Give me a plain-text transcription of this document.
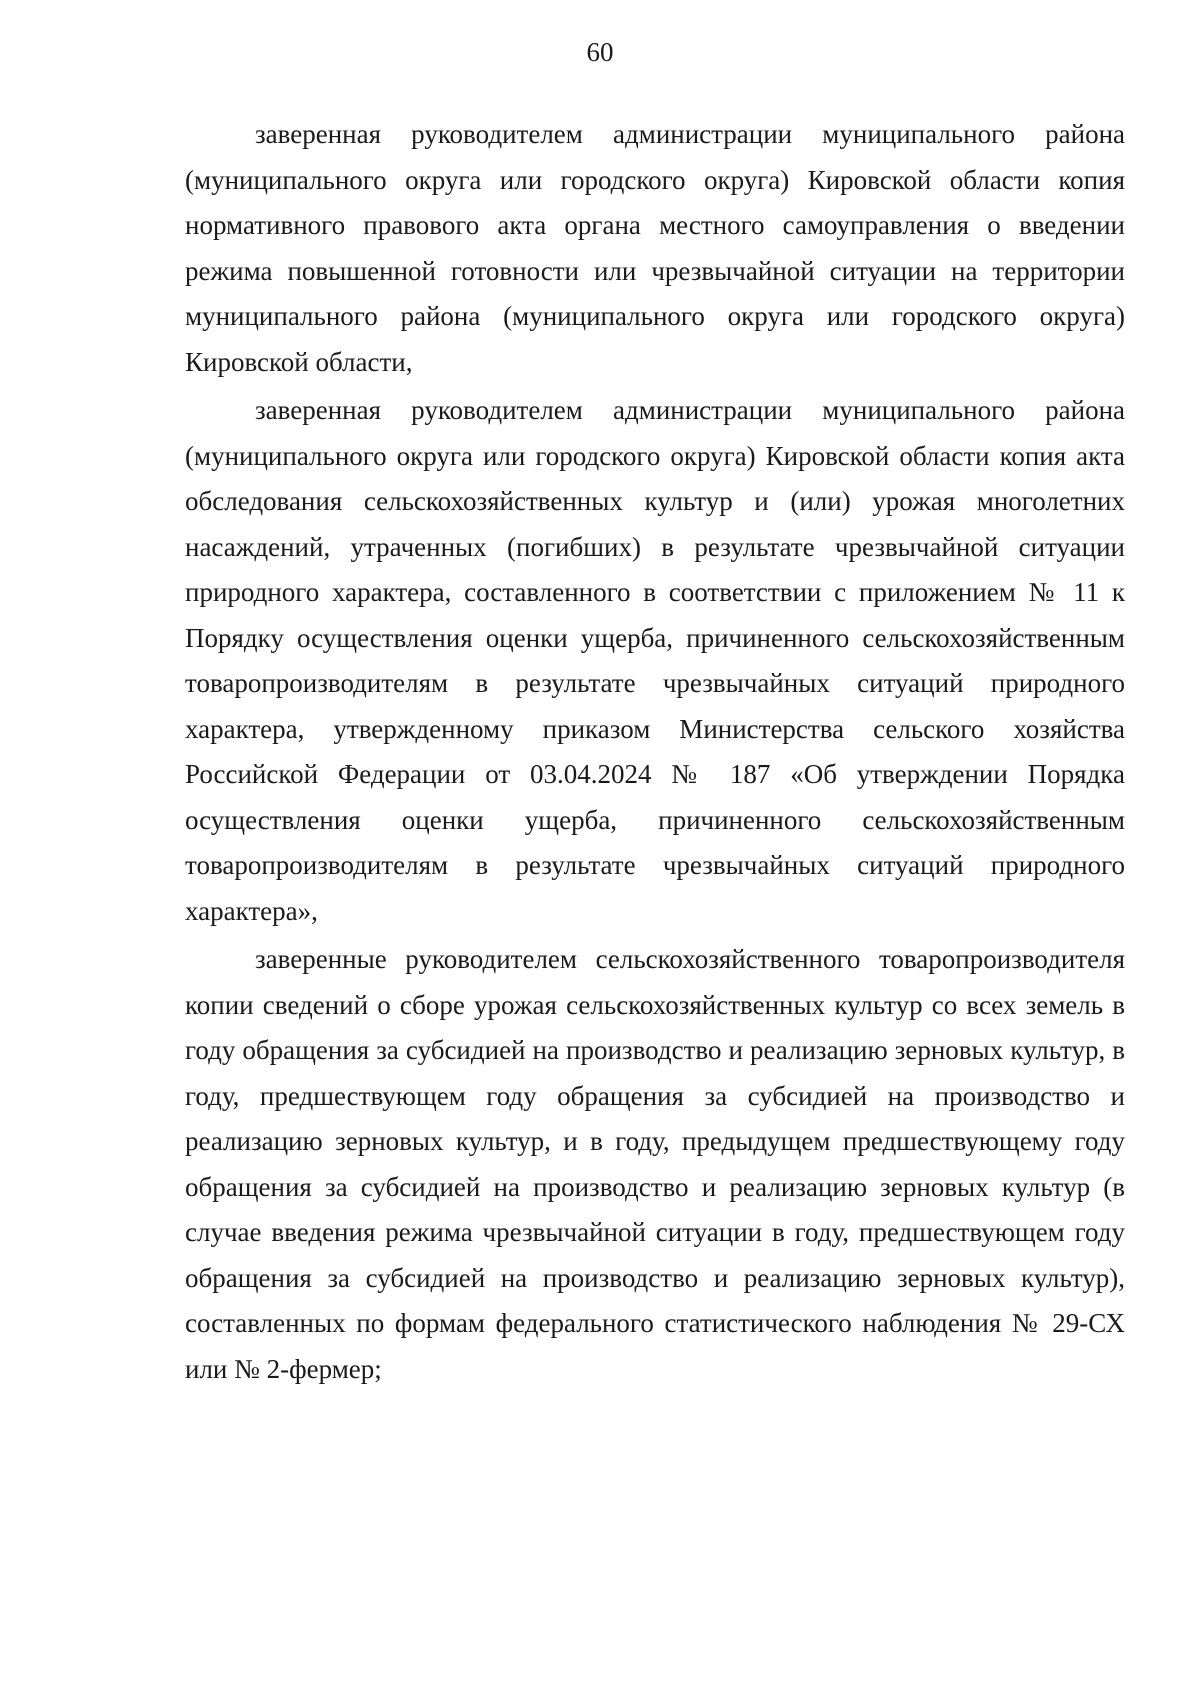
60

заверенная руководителем администрации муниципального района (муниципального округа или городского округа) Кировской области копия нормативного правового акта органа местного самоуправления о введении режима повышенной готовности или чрезвычайной ситуации на территории муниципального района (муниципального округа или городского округа) Кировской области,

заверенная руководителем администрации муниципального района (муниципального округа или городского округа) Кировской области копия акта обследования сельскохозяйственных культур и (или) урожая многолетних насаждений, утраченных (погибших) в результате чрезвычайной ситуации природного характера, составленного в соответствии с приложением № 11 к Порядку осуществления оценки ущерба, причиненного сельскохозяйственным товаропроизводителям в результате чрезвычайных ситуаций природного характера, утвержденному приказом Министерства сельского хозяйства Российской Федерации от 03.04.2024 № 187 «Об утверждении Порядка осуществления оценки ущерба, причиненного сельскохозяйственным товаропроизводителям в результате чрезвычайных ситуаций природного характера»,

заверенные руководителем сельскохозяйственного товаропроизводителя копии сведений о сборе урожая сельскохозяйственных культур со всех земель в году обращения за субсидией на производство и реализацию зерновых культур, в году, предшествующем году обращения за субсидией на производство и реализацию зерновых культур, и в году, предыдущем предшествующему году обращения за субсидией на производство и реализацию зерновых культур (в случае введения режима чрезвычайной ситуации в году, предшествующем году обращения за субсидией на производство и реализацию зерновых культур), составленных по формам федерального статистического наблюдения № 29-СХ или № 2-фермер;
